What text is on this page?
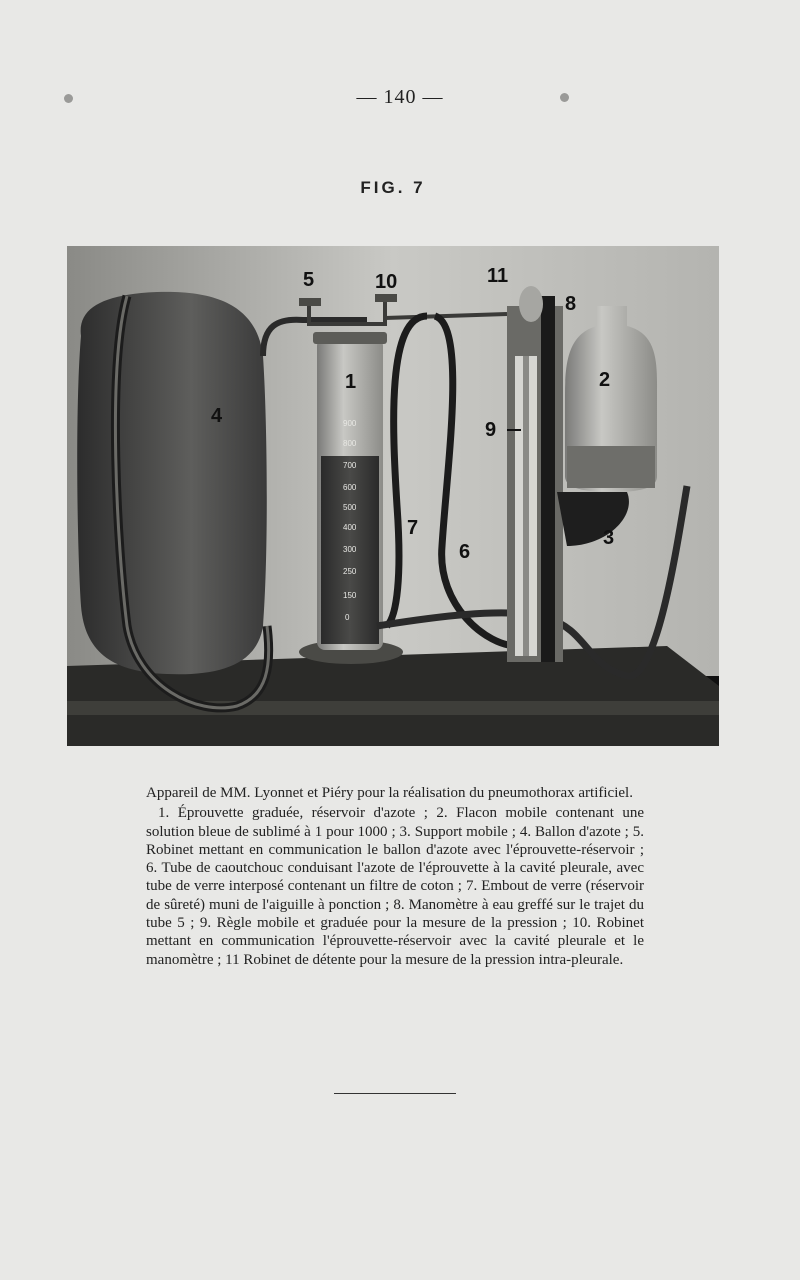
— 140 —
FIG. 7
1	2
3
4
5
6
7
8
9
10	11
900
800
700
600
500
400
300
250
150
0

Appareil de MM. Lyonnet et Piéry pour la réalisation du pneumothorax artificiel.

1. Éprouvette graduée, réservoir d'azote ; 2. Flacon mobile contenant une solution bleue de sublimé à 1 pour 1000 ; 3. Support mobile ; 4. Ballon d'azote ; 5. Robinet mettant en communication le ballon d'azote avec l'éprouvette-réservoir ; 6. Tube de caoutchouc conduisant l'azote de l'éprouvette à la cavité pleurale, avec tube de verre interposé contenant un filtre de coton ; 7. Embout de verre (réservoir de sûreté) muni de l'aiguille à ponction ; 8. Manomètre à eau greffé sur le trajet du tube 5 ; 9. Règle mobile et graduée pour la mesure de la pression ; 10. Robinet mettant en communication l'éprouvette-réservoir avec la cavité pleurale et le manomètre ; 11 Robinet de détente pour la mesure de la pression intra-pleurale.
